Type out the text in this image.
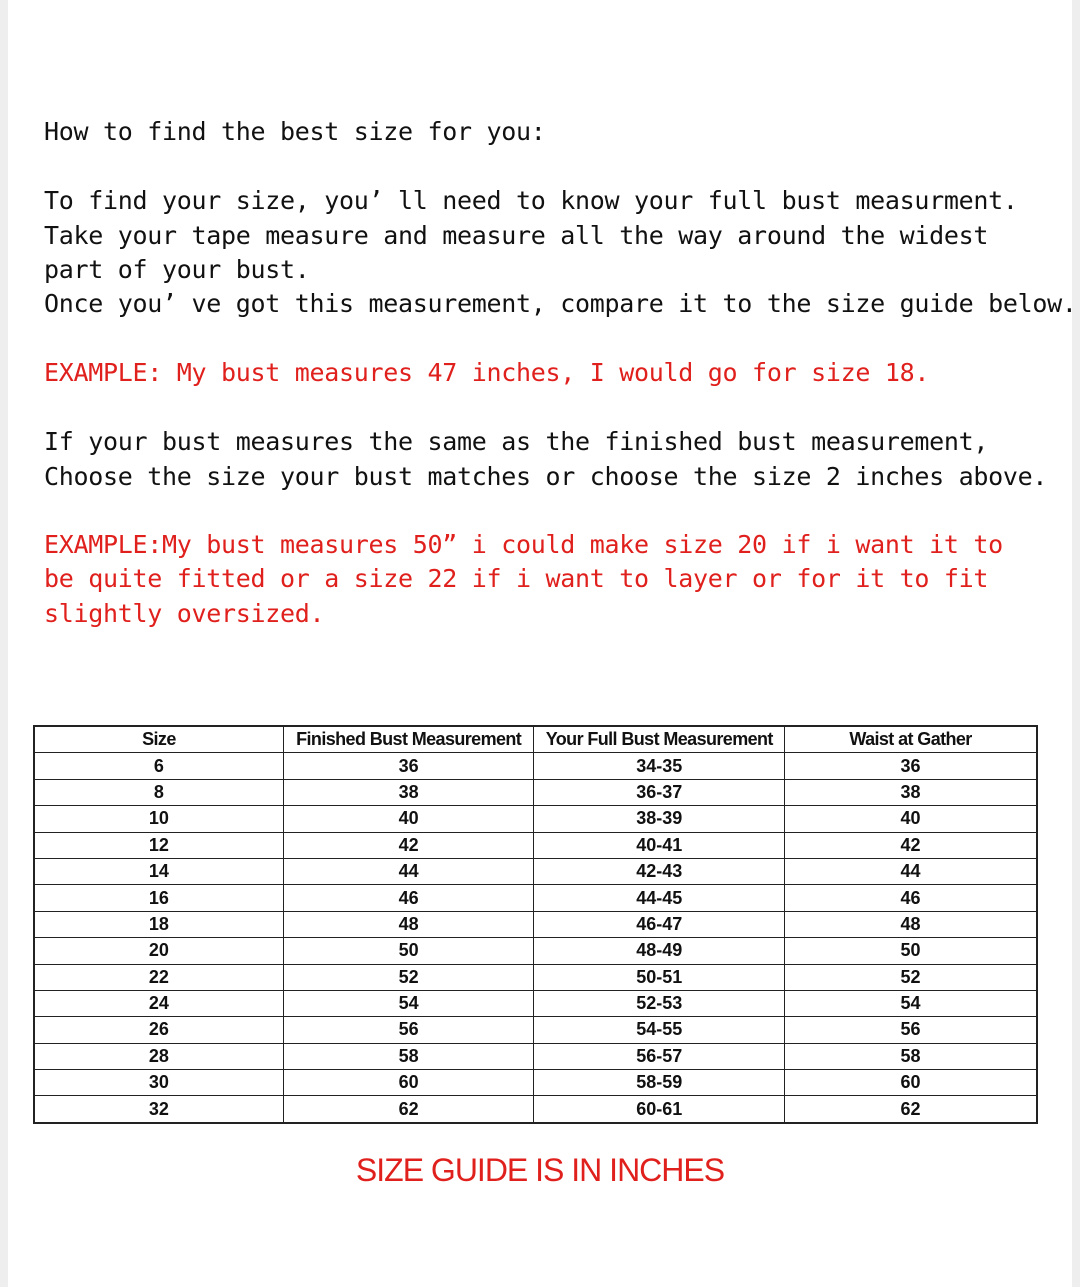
How to find the best size for you:

To find your size, you’ ll need to know your full bust measurment.

Take your tape measure and measure all the way around the widest

part of your bust.

Once you’ ve got this measurement, compare it to the size guide below.

EXAMPLE: My bust measures 47 inches, I would go for size 18.

If your bust measures the same as the finished bust measurement,

Choose the size your bust matches or choose the size 2 inches above.

EXAMPLE:My bust measures 50” i could make size 20 if i want it to

be quite fitted or a size 22 if i want to layer or for it to fit

slightly oversized.

Size	Finished Bust Measurement	Your Full Bust Measurement	Waist at Gather
6	36	34-35	36
8	38	36-37	38
10	40	38-39	40
12	42	40-41	42
14	44	42-43	44
16	46	44-45	46
18	48	46-47	48
20	50	48-49	50
22	52	50-51	52
24	54	52-53	54
26	56	54-55	56
28	58	56-57	58
30	60	58-59	60
32	62	60-61	62
SIZE GUIDE IS IN INCHES
